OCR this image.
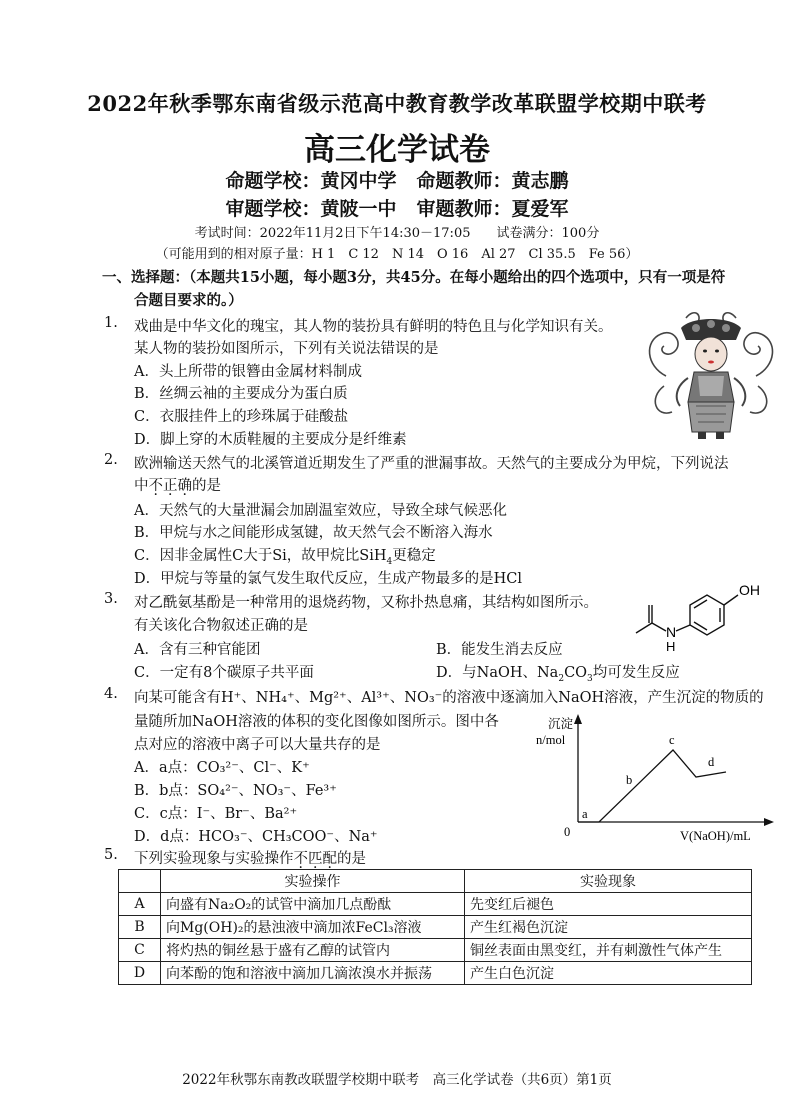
2022年秋季鄂东南省级示范高中教育教学改革联盟学校期中联考
高三化学试卷
命题学校：黄冈中学 命题教师：黄志鹏
审题学校：黄陂一中 审题教师：夏爱军
考试时间：2022年11月2日下午14:30－17:05　　 试卷满分：100分
（可能用到的相对原子量：H 1　C 12　N 14　O 16　Al 27　Cl 35.5　Fe 56）
一、选择题：（本题共15小题，每小题3分，共45分。在每小题给出的四个选项中，只有一项是符
合题目要求的。）
1. 戏曲是中华文化的瑰宝，其人物的装扮具有鲜明的特色且与化学知识有关。
某人物的装扮如图所示，下列有关说法错误的是
A．头上所带的银簪由金属材料制成
B．丝绸云袖的主要成分为蛋白质
C．衣服挂件上的珍珠属于硅酸盐
D．脚上穿的木质鞋履的主要成分是纤维素
2. 欧洲输送天然气的北溪管道近期发生了严重的泄漏事故。天然气的主要成分为甲烷，下列说法
中不正确的是
A．天然气的大量泄漏会加剧温室效应，导致全球气候恶化
B．甲烷与水之间能形成氢键，故天然气会不断溶入海水
C．因非金属性C大于Si，故甲烷比SiH$_4$更稳定
D．甲烷与等量的氯气发生取代反应，生成产物最多的是HCl
3. 对乙酰氨基酚是一种常用的退烧药物，又称扑热息痛，其结构如图所示。
有关该化合物叙述正确的是
A．含有三种官能团	B．能发生消去反应
C．一定有8个碳原子共平面	D．与NaOH、$Na_2CO_3$均可发生反应
OH
N
H
4. 向某可能含有H⁺、NH₄⁺、Mg²⁺、Al³⁺、NO₃⁻的溶液中逐滴加入NaOH溶液，产生沉淀的物质的
量随所加NaOH溶液的体积的变化图像如图所示。图中各
点对应的溶液中离子可以大量共存的是
A．a点：CO₃²⁻、Cl⁻、K⁺
B．b点：SO₄²⁻、NO₃⁻、Fe³⁺
C．c点：I⁻、Br⁻、Ba²⁺
D．d点：HCO₃⁻、CH₃COO⁻、Na⁺
沉淀
n/mol
0	V(NaOH)/mL
a
b
c
d
5. 下列实验现象与实验操作不匹配的是
	实验操作	实验现象
A	向盛有Na₂O₂的试管中滴加几点酚酞	先变红后褪色
B	向Mg(OH)₂的悬浊液中滴加浓FeCl₃溶液	产生红褐色沉淀
C	将灼热的铜丝悬于盛有乙醇的试管内	铜丝表面由黑变红，并有刺激性气体产生
D	向苯酚的饱和溶液中滴加几滴浓溴水并振荡	产生白色沉淀
2022年秋鄂东南教改联盟学校期中联考　高三化学试卷（共6页）第1页
